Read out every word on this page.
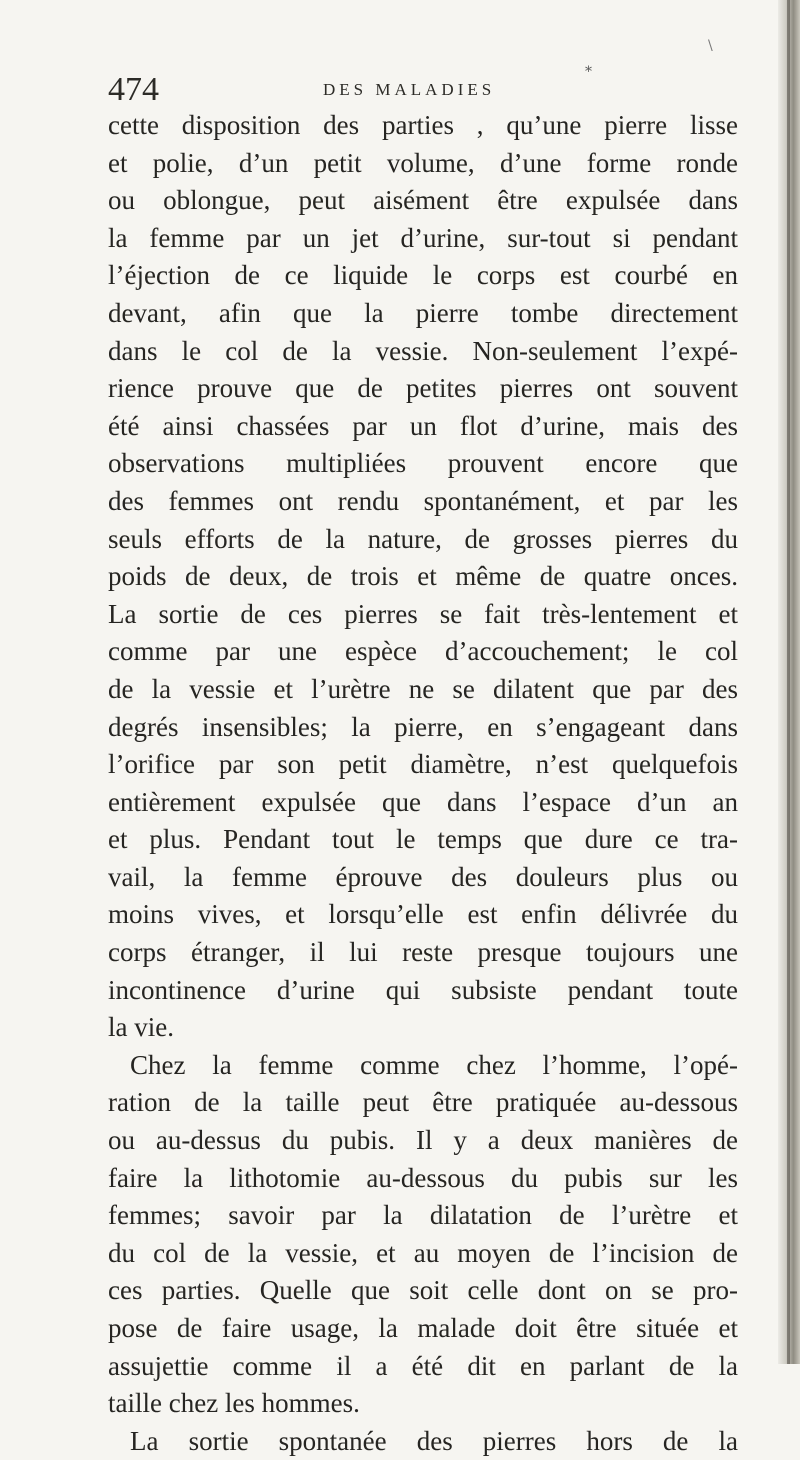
474	DES MALADIES
*
\
cette disposition des parties , qu’une pierre lisse
et polie, d’un petit volume, d’une forme ronde
ou oblongue, peut aisément être expulsée dans
la femme par un jet d’urine, sur-tout si pendant
l’éjection de ce liquide le corps est courbé en
devant, afin que la pierre tombe directement
dans le col de la vessie. Non-seulement l’expé-
rience prouve que de petites pierres ont souvent
été ainsi chassées par un flot d’urine, mais des
observations multipliées prouvent encore que
des femmes ont rendu spontanément, et par les
seuls efforts de la nature, de grosses pierres du
poids de deux, de trois et même de quatre onces.
La sortie de ces pierres se fait très-lentement et
comme par une espèce d’accouchement; le col
de la vessie et l’urètre ne se dilatent que par des
degrés insensibles; la pierre, en s’engageant dans
l’orifice par son petit diamètre, n’est quelquefois
entièrement expulsée que dans l’espace d’un an
et plus. Pendant tout le temps que dure ce tra-
vail, la femme éprouve des douleurs plus ou
moins vives, et lorsqu’elle est enfin délivrée du
corps étranger, il lui reste presque toujours une
incontinence d’urine qui subsiste pendant toute
la vie.
Chez la femme comme chez l’homme, l’opé-
ration de la taille peut être pratiquée au-dessous
ou au-dessus du pubis. Il y a deux manières de
faire la lithotomie au-dessous du pubis sur les
femmes; savoir par la dilatation de l’urètre et
du col de la vessie, et au moyen de l’incision de
ces parties. Quelle que soit celle dont on se pro-
pose de faire usage, la malade doit être située et
assujettie comme il a été dit en parlant de la
taille chez les hommes.
La sortie spontanée des pierres hors de la
